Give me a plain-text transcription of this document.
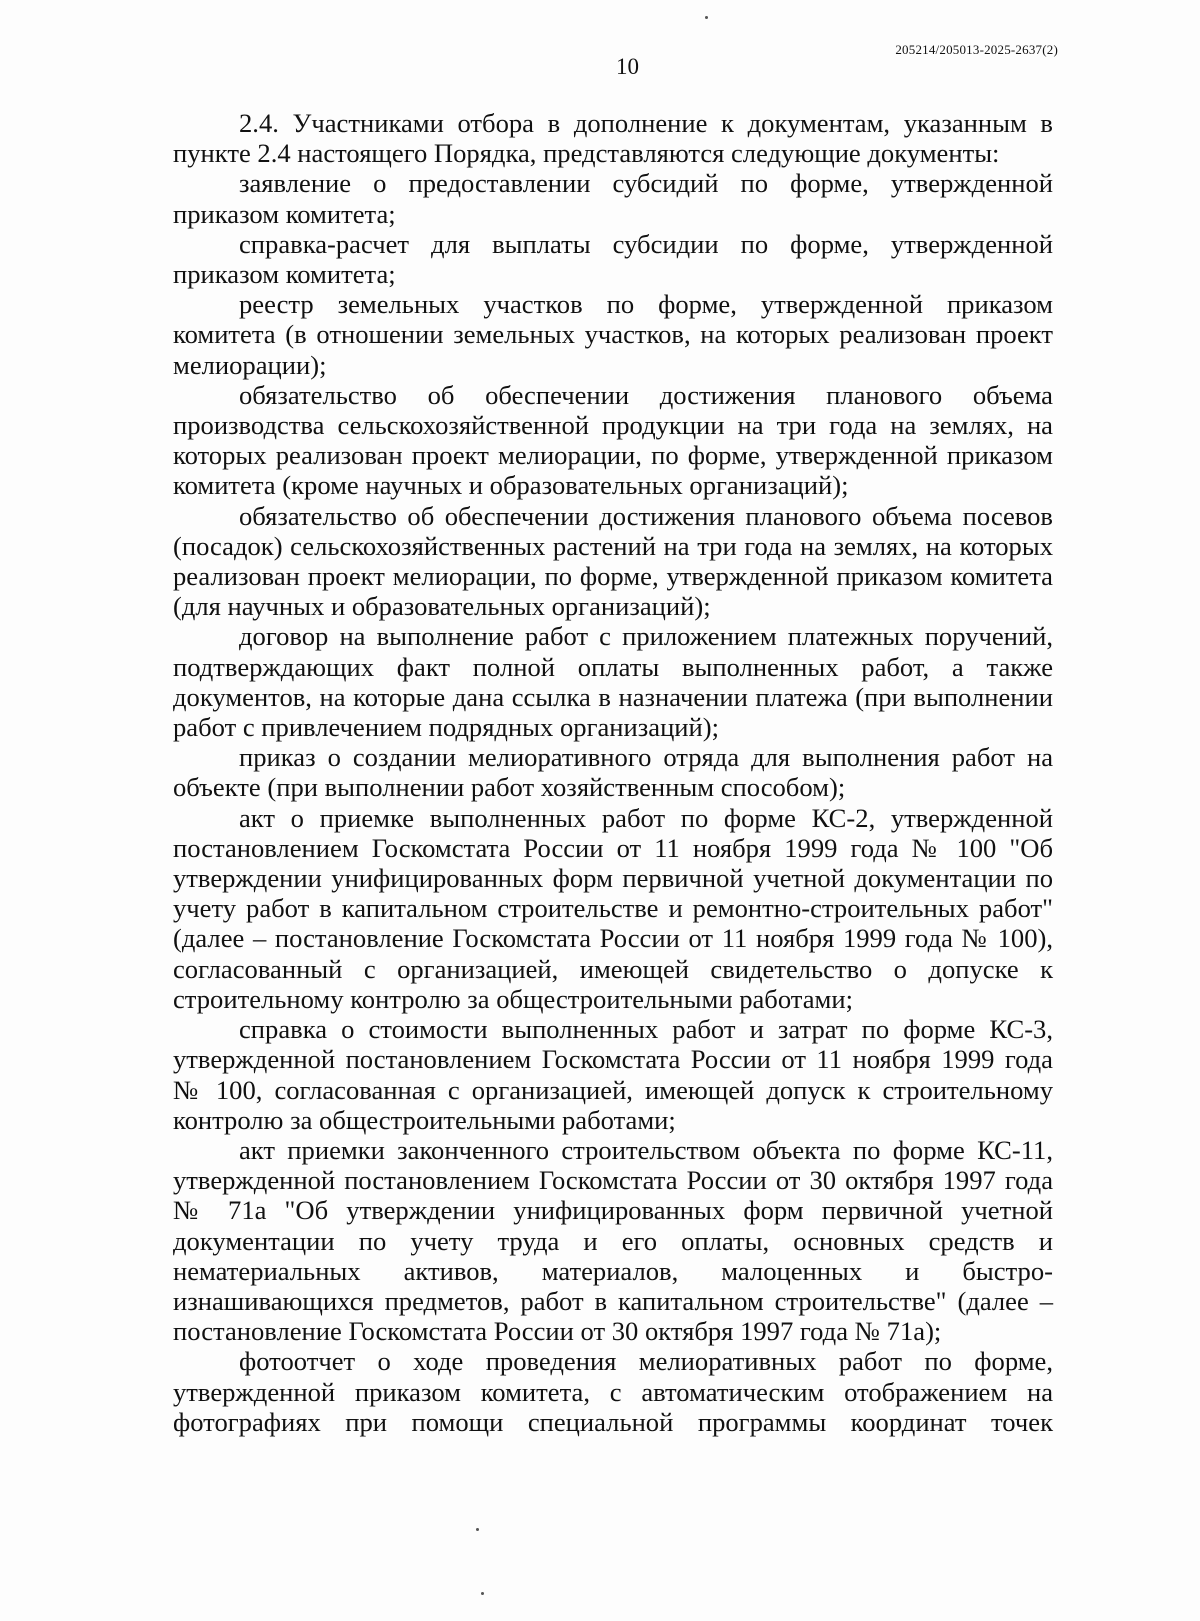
205214/205013-2025-2637(2)
10

2.4. Участниками отбора в дополнение к документам, указанным в пункте 2.4 настоящего Порядка, представляются следующие документы:

заявление о предоставлении субсидий по форме, утвержденной приказом комитета;

справка-расчет для выплаты субсидии по форме, утвержденной приказом комитета;

реестр земельных участков по форме, утвержденной приказом комитета (в отношении земельных участков, на которых реализован проект мелиорации);

обязательство об обеспечении достижения планового объема производства сельскохозяйственной продукции на три года на землях, на которых реализован проект мелиорации, по форме, утвержденной приказом комитета (кроме научных и образовательных организаций);

обязательство об обеспечении достижения планового объема посевов (посадок) сельскохозяйственных растений на три года на землях, на которых реализован проект мелиорации, по форме, утвержденной приказом комитета (для научных и образовательных организаций);

договор на выполнение работ с приложением платежных поручений, подтверждающих факт полной оплаты выполненных работ, а также документов, на которые дана ссылка в назначении платежа (при выполнении работ с привлечением подрядных организаций);

приказ о создании мелиоративного отряда для выполнения работ на объекте (при выполнении работ хозяйственным способом);

акт о приемке выполненных работ по форме КС-2, утвержденной постановлением Госкомстата России от 11 ноября 1999 года № 100 "Об утверждении унифицированных форм первичной учетной документации по учету работ в капитальном строительстве и ремонтно-строительных работ" (далее – постановление Госкомстата России от 11 ноября 1999 года № 100), согласованный с организацией, имеющей свидетельство о допуске к строительному контролю за общестроительными работами;

справка о стоимости выполненных работ и затрат по форме КС-3, утвержденной постановлением Госкомстата России от 11 ноября 1999 года № 100, согласованная с организацией, имеющей допуск к строительному контролю за общестроительными работами;

акт приемки законченного строительством объекта по форме КС-11, утвержденной постановлением Госкомстата России от 30 октября 1997 года № 71а "Об утверждении унифицированных форм первичной учетной документации по учету труда и его оплаты, основных средств и нематериальных активов, материалов, малоценных и быстро-изнашивающихся предметов, работ в капитальном строительстве" (далее – постановление Госкомстата России от 30 октября 1997 года № 71а);

фотоотчет о ходе проведения мелиоративных работ по форме, утвержденной приказом комитета, с автоматическим отображением на фотографиях при помощи специальной программы координат точек
